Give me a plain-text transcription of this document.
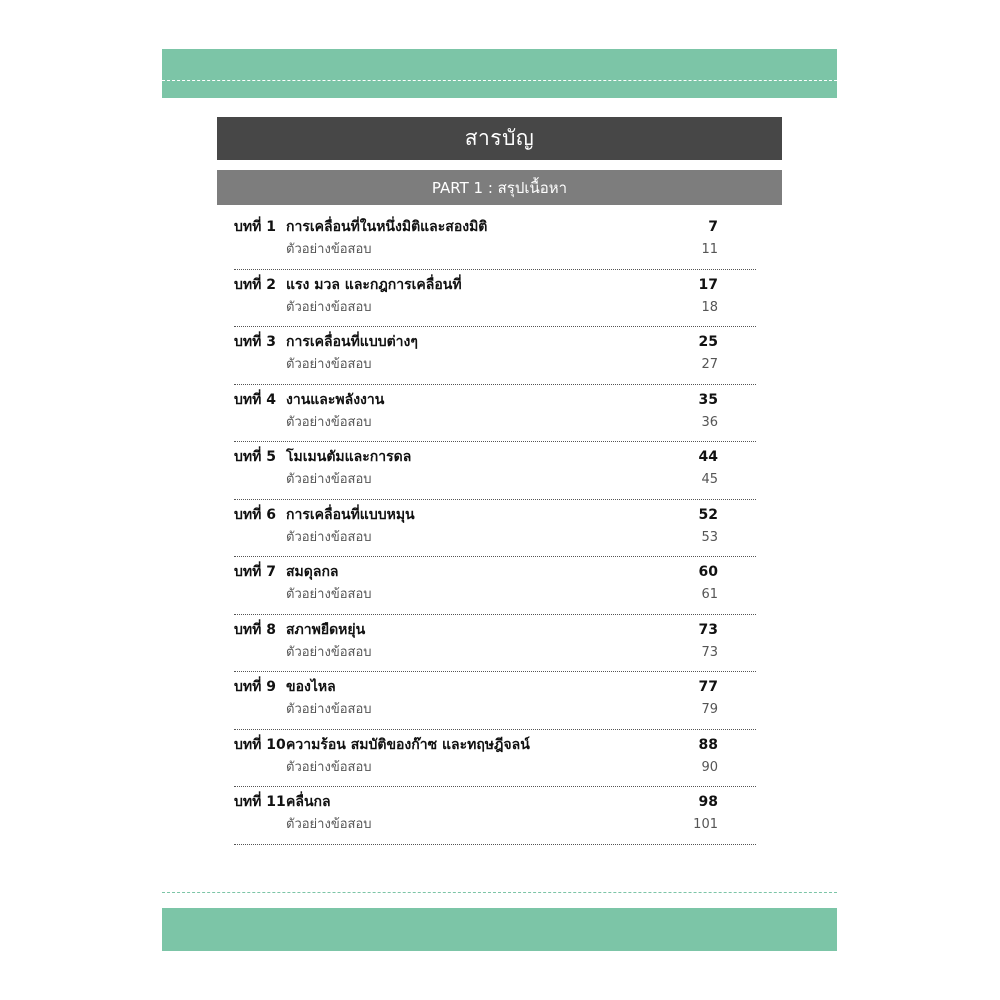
สารบัญ
PART 1 : สรุปเนื้อหา
บทที่ 1 การเคลื่อนที่ในหนึ่งมิติและสองมิติ	7
ตัวอย่างข้อสอบ	11
บทที่ 2 แรง มวล และกฎการเคลื่อนที่	17
ตัวอย่างข้อสอบ	18
บทที่ 3 การเคลื่อนที่แบบต่างๆ	25
ตัวอย่างข้อสอบ	27
บทที่ 4 งานและพลังงาน	35
ตัวอย่างข้อสอบ	36
บทที่ 5 โมเมนตัมและการดล	44
ตัวอย่างข้อสอบ	45
บทที่ 6 การเคลื่อนที่แบบหมุน	52
ตัวอย่างข้อสอบ	53
บทที่ 7 สมดุลกล	60
ตัวอย่างข้อสอบ	61
บทที่ 8 สภาพยืดหยุ่น	73
ตัวอย่างข้อสอบ	73
บทที่ 9 ของไหล	77
ตัวอย่างข้อสอบ	79
บทที่ 10 ความร้อน สมบัติของก๊าซ และทฤษฎีจลน์	88
ตัวอย่างข้อสอบ	90
บทที่ 11 คลื่นกล	98
ตัวอย่างข้อสอบ	101
